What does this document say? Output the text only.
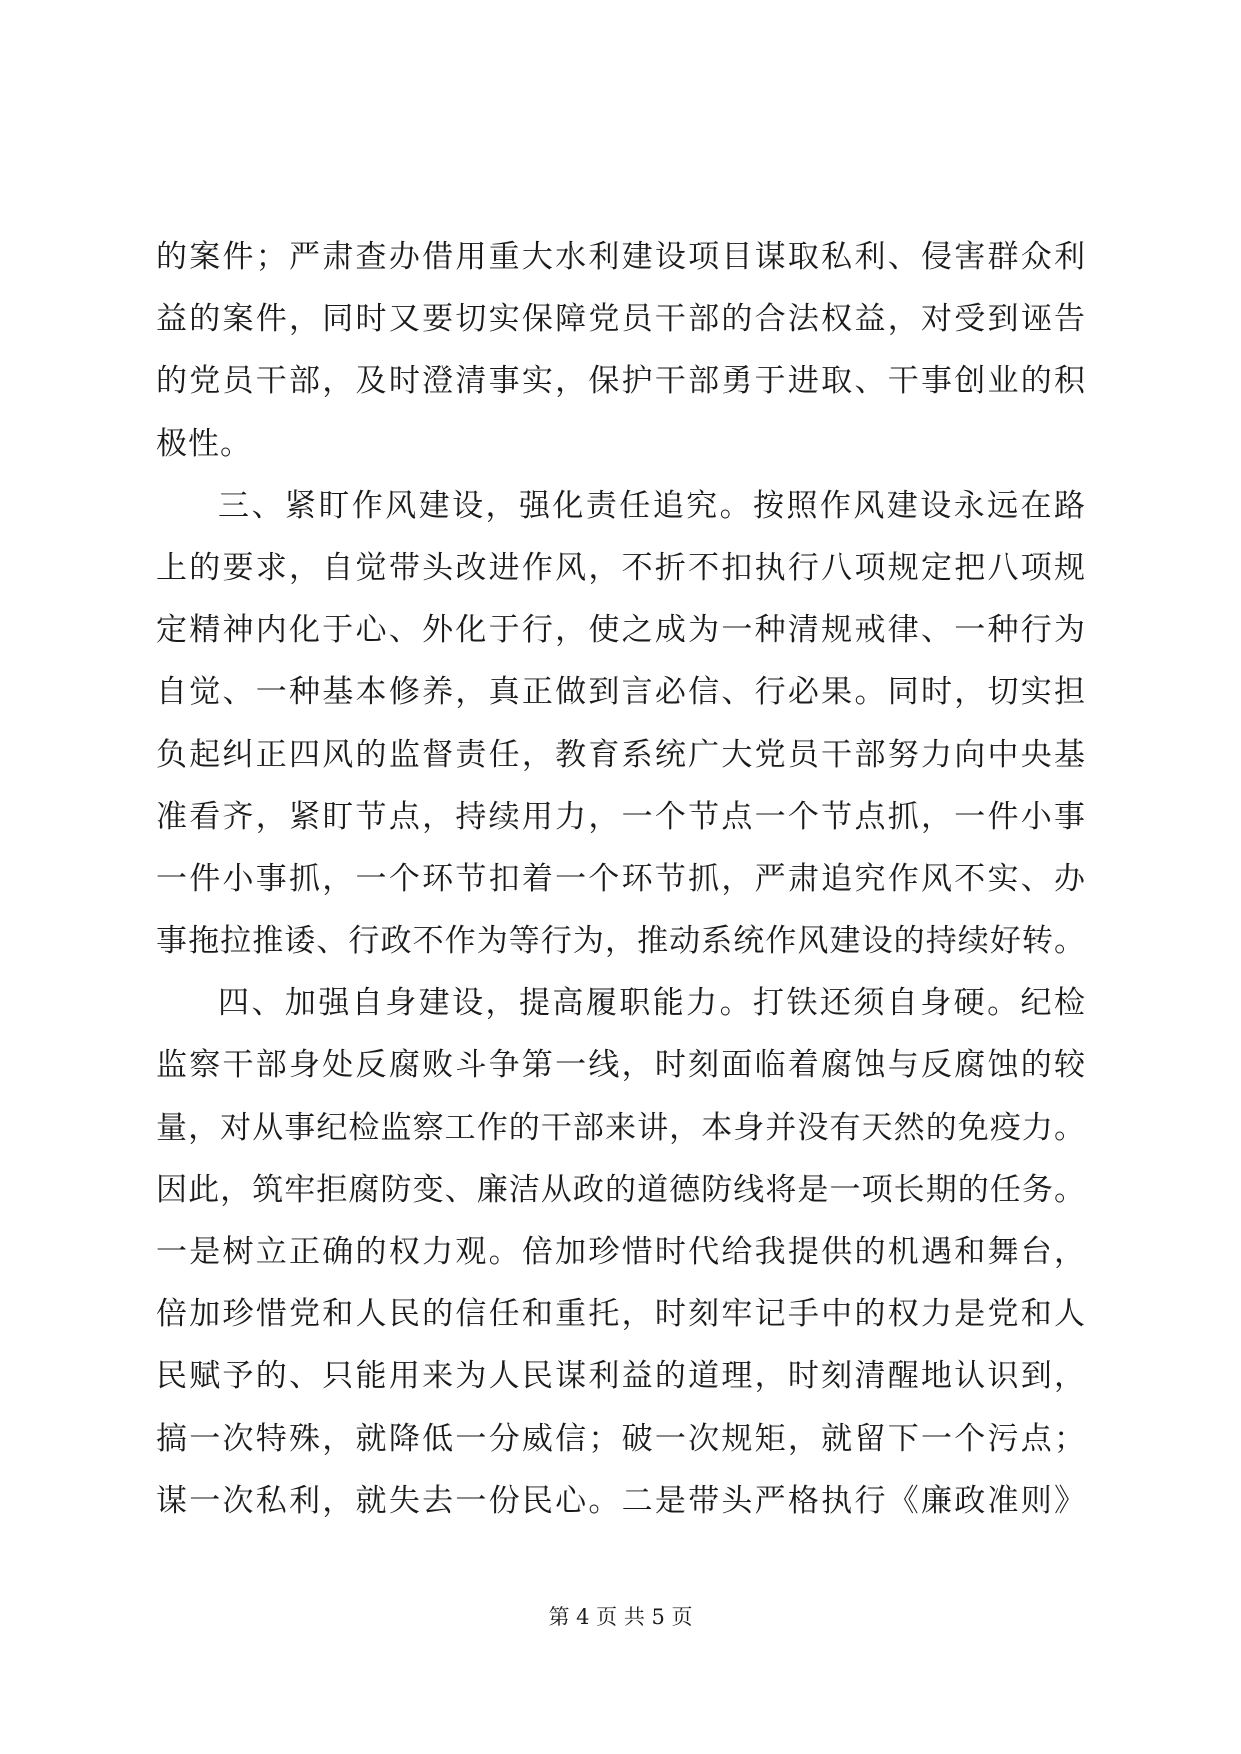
的案件；严肃查办借用重大水利建设项目谋取私利、侵害群众利
益的案件，同时又要切实保障党员干部的合法权益，对受到诬告
的党员干部，及时澄清事实，保护干部勇于进取、干事创业的积
极性。
三、紧盯作风建设，强化责任追究。按照作风建设永远在路
上的要求，自觉带头改进作风，不折不扣执行八项规定把八项规
定精神内化于心、外化于行，使之成为一种清规戒律、一种行为
自觉、一种基本修养，真正做到言必信、行必果。同时，切实担
负起纠正四风的监督责任，教育系统广大党员干部努力向中央基
准看齐，紧盯节点，持续用力，一个节点一个节点抓，一件小事
一件小事抓，一个环节扣着一个环节抓，严肃追究作风不实、办
事拖拉推诿、行政不作为等行为，推动系统作风建设的持续好转。
四、加强自身建设，提高履职能力。打铁还须自身硬。纪检
监察干部身处反腐败斗争第一线，时刻面临着腐蚀与反腐蚀的较
量，对从事纪检监察工作的干部来讲，本身并没有天然的免疫力。
因此，筑牢拒腐防变、廉洁从政的道德防线将是一项长期的任务。
一是树立正确的权力观。倍加珍惜时代给我提供的机遇和舞台，
倍加珍惜党和人民的信任和重托，时刻牢记手中的权力是党和人
民赋予的、只能用来为人民谋利益的道理，时刻清醒地认识到，
搞一次特殊，就降低一分威信；破一次规矩，就留下一个污点；
谋一次私利，就失去一份民心。二是带头严格执行《廉政准则》
第 4 页 共 5 页
